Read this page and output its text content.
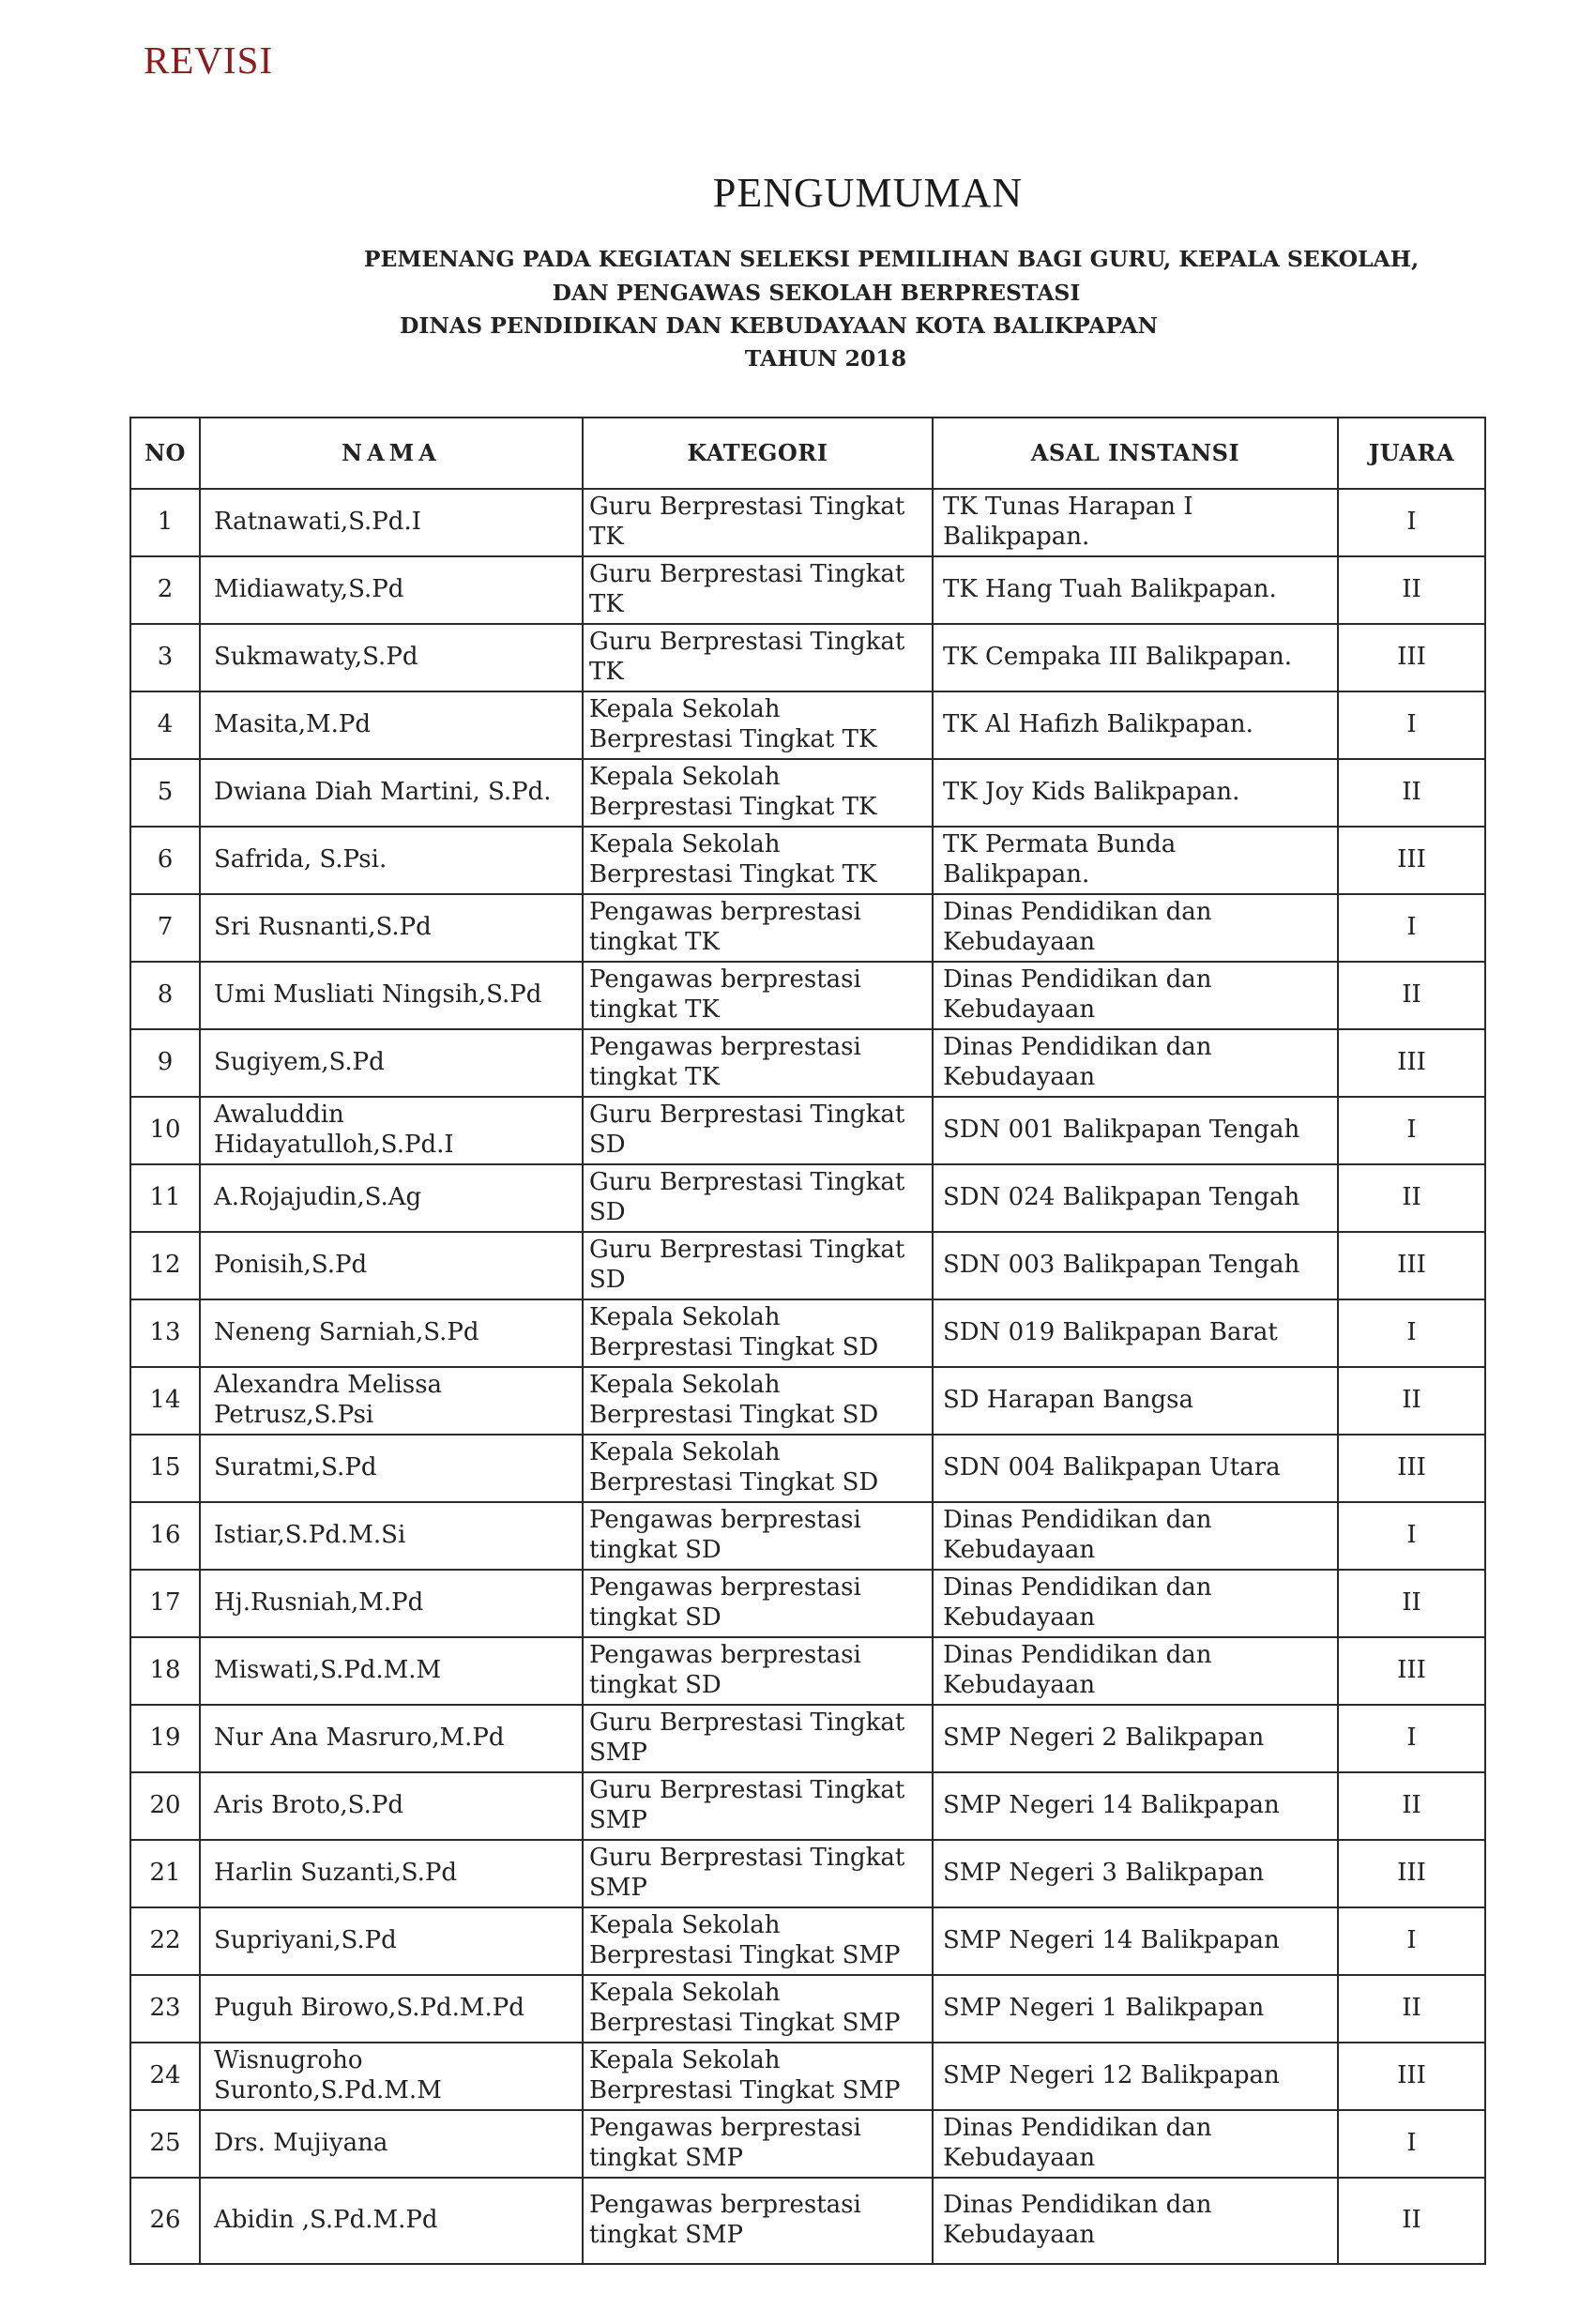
REVISI
PENGUMUMAN
PEMENANG PADA KEGIATAN SELEKSI PEMILIHAN BAGI GURU, KEPALA SEKOLAH,
DAN PENGAWAS SEKOLAH BERPRESTASI
DINAS PENDIDIKAN DAN KEBUDAYAAN KOTA BALIKPAPAN
TAHUN 2018
NO	NAMA	KATEGORI	ASAL INSTANSI	JUARA
1	Ratnawati,S.Pd.I	Guru Berprestasi Tingkat TK	TK Tunas Harapan I Balikpapan.	I
2	Midiawaty,S.Pd	Guru Berprestasi Tingkat TK	TK Hang Tuah Balikpapan.	II
3	Sukmawaty,S.Pd	Guru Berprestasi Tingkat TK	TK Cempaka III Balikpapan.	III
4	Masita,M.Pd	Kepala Sekolah Berprestasi Tingkat TK	TK Al Hafizh Balikpapan.	I
5	Dwiana Diah Martini, S.Pd.	Kepala Sekolah Berprestasi Tingkat TK	TK Joy Kids Balikpapan.	II
6	Safrida, S.Psi.	Kepala Sekolah Berprestasi Tingkat TK	TK Permata Bunda Balikpapan.	III
7	Sri Rusnanti,S.Pd	Pengawas berprestasi tingkat TK	Dinas Pendidikan dan Kebudayaan	I
8	Umi Musliati Ningsih,S.Pd	Pengawas berprestasi tingkat TK	Dinas Pendidikan dan Kebudayaan	II
9	Sugiyem,S.Pd	Pengawas berprestasi tingkat TK	Dinas Pendidikan dan Kebudayaan	III
10	Awaluddin Hidayatulloh,S.Pd.I	Guru Berprestasi Tingkat SD	SDN 001 Balikpapan Tengah	I
11	A.Rojajudin,S.Ag	Guru Berprestasi Tingkat SD	SDN 024 Balikpapan Tengah	II
12	Ponisih,S.Pd	Guru Berprestasi Tingkat SD	SDN 003 Balikpapan Tengah	III
13	Neneng Sarniah,S.Pd	Kepala Sekolah Berprestasi Tingkat SD	SDN 019 Balikpapan Barat	I
14	Alexandra Melissa Petrusz,S.Psi	Kepala Sekolah Berprestasi Tingkat SD	SD Harapan Bangsa	II
15	Suratmi,S.Pd	Kepala Sekolah Berprestasi Tingkat SD	SDN 004 Balikpapan Utara	III
16	Istiar,S.Pd.M.Si	Pengawas berprestasi tingkat SD	Dinas Pendidikan dan Kebudayaan	I
17	Hj.Rusniah,M.Pd	Pengawas berprestasi tingkat SD	Dinas Pendidikan dan Kebudayaan	II
18	Miswati,S.Pd.M.M	Pengawas berprestasi tingkat SD	Dinas Pendidikan dan Kebudayaan	III
19	Nur Ana Masruro,M.Pd	Guru Berprestasi Tingkat SMP	SMP Negeri 2 Balikpapan	I
20	Aris Broto,S.Pd	Guru Berprestasi Tingkat SMP	SMP Negeri 14 Balikpapan	II
21	Harlin Suzanti,S.Pd	Guru Berprestasi Tingkat SMP	SMP Negeri 3 Balikpapan	III
22	Supriyani,S.Pd	Kepala Sekolah Berprestasi Tingkat SMP	SMP Negeri 14 Balikpapan	I
23	Puguh Birowo,S.Pd.M.Pd	Kepala Sekolah Berprestasi Tingkat SMP	SMP Negeri 1 Balikpapan	II
24	Wisnugroho Suronto,S.Pd.M.M	Kepala Sekolah Berprestasi Tingkat SMP	SMP Negeri 12 Balikpapan	III
25	Drs. Mujiyana	Pengawas berprestasi tingkat SMP	Dinas Pendidikan dan Kebudayaan	I
26	Abidin ,S.Pd.M.Pd	Pengawas berprestasi tingkat SMP	Dinas Pendidikan dan Kebudayaan	II
